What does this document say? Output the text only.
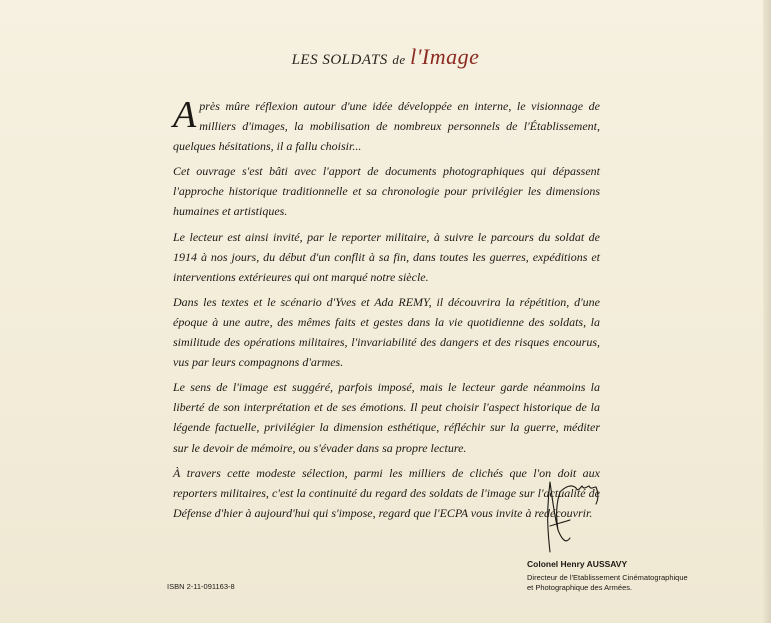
LES SOLDATS de l'Image

Après mûre réflexion autour d'une idée développée en interne, le visionnage de milliers d'images, la mobilisation de nombreux personnels de l'Établissement, quelques hésitations, il a fallu choisir...

Cet ouvrage s'est bâti avec l'apport de documents photographiques qui dépassent l'approche historique traditionnelle et sa chronologie pour privilégier les dimensions humaines et artistiques.

Le lecteur est ainsi invité, par le reporter militaire, à suivre le parcours du soldat de 1914 à nos jours, du début d'un conflit à sa fin, dans toutes les guerres, expéditions et interventions extérieures qui ont marqué notre siècle.

Dans les textes et le scénario d'Yves et Ada REMY, il découvrira la répétition, d'une époque à une autre, des mêmes faits et gestes dans la vie quotidienne des soldats, la similitude des opérations militaires, l'invariabilité des dangers et des risques encourus, vus par leurs compagnons d'armes.

Le sens de l'image est suggéré, parfois imposé, mais le lecteur garde néanmoins la liberté de son interprétation et de ses émotions. Il peut choisir l'aspect historique de la légende factuelle, privilégier la dimension esthétique, réfléchir sur la guerre, méditer sur le devoir de mémoire, ou s'évader dans sa propre lecture.

À travers cette modeste sélection, parmi les milliers de clichés que l'on doit aux reporters militaires, c'est la continuité du regard des soldats de l'image sur l'actualité de Défense d'hier à aujourd'hui qui s'impose, regard que l'ECPA vous invite à redécouvrir.

Colonel Henry AUSSAVY
Directeur de l'Etablissement Cinématographique
et Photographique des Armées.
ISBN 2-11-091163-8
